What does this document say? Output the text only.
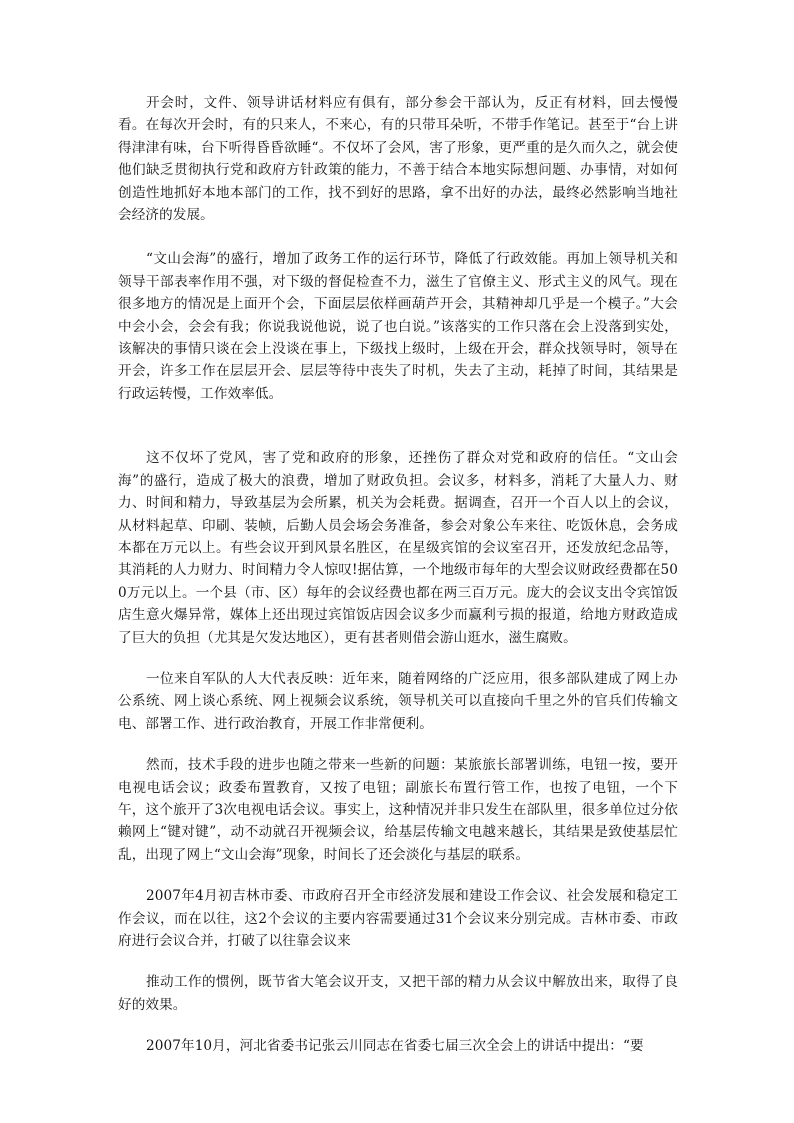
开会时，文件、领导讲话材料应有俱有，部分参会干部认为，反正有材料，回去慢慢看。在每次开会时，有的只来人，不来心，有的只带耳朵听，不带手作笔记。甚至于“台上讲得津津有味，台下听得昏昏欲睡“。不仅坏了会风，害了形象，更严重的是久而久之，就会使他们缺乏贯彻执行党和政府方针政策的能力，不善于结合本地实际想问题、办事情，对如何创造性地抓好本地本部门的工作，找不到好的思路，拿不出好的办法，最终必然影响当地社会经济的发展。

“文山会海”的盛行，增加了政务工作的运行环节，降低了行政效能。再加上领导机关和领导干部表率作用不强，对下级的督促检查不力，滋生了官僚主义、形式主义的风气。现在很多地方的情况是上面开个会，下面层层依样画葫芦开会，其精神却几乎是一个模子。”大会中会小会，会会有我；你说我说他说，说了也白说。”该落实的工作只落在会上没落到实处，该解决的事情只谈在会上没谈在事上，下级找上级时，上级在开会，群众找领导时，领导在开会，许多工作在层层开会、层层等待中丧失了时机，失去了主动，耗掉了时间，其结果是行政运转慢，工作效率低。

这不仅坏了党风，害了党和政府的形象，还挫伤了群众对党和政府的信任。“文山会海”的盛行，造成了极大的浪费，增加了财政负担。会议多，材料多，消耗了大量人力、财力、时间和精力，导致基层为会所累，机关为会耗费。据调查，召开一个百人以上的会议，从材料起草、印刷、装帧，后勤人员会场会务准备，参会对象公车来往、吃饭休息，会务成本都在万元以上。有些会议开到风景名胜区，在星级宾馆的会议室召开，还发放纪念品等，其消耗的人力财力、时间精力令人惊叹!据估算，一个地级市每年的大型会议财政经费都在500万元以上。一个县（市、区）每年的会议经费也都在两三百万元。庞大的会议支出令宾馆饭店生意火爆异常，媒体上还出现过宾馆饭店因会议多少而赢利亏损的报道，给地方财政造成了巨大的负担（尤其是欠发达地区），更有甚者则借会游山逛水，滋生腐败。

一位来自军队的人大代表反映：近年来，随着网络的广泛应用，很多部队建成了网上办公系统、网上谈心系统、网上视频会议系统，领导机关可以直接向千里之外的官兵们传输文电、部署工作、进行政治教育，开展工作非常便利。

然而，技术手段的进步也随之带来一些新的问题：某旅旅长部署训练，电钮一按，要开电视电话会议；政委布置教育，又按了电钮；副旅长布置行管工作，也按了电钮，一个下午，这个旅开了3次电视电话会议。事实上，这种情况并非只发生在部队里，很多单位过分依赖网上“键对键”，动不动就召开视频会议，给基层传输文电越来越长，其结果是致使基层忙乱，出现了网上“文山会海”现象，时间长了还会淡化与基层的联系。

2007年4月初吉林市委、市政府召开全市经济发展和建设工作会议、社会发展和稳定工作会议，而在以往，这2个会议的主要内容需要通过31个会议来分别完成。吉林市委、市政府进行会议合并，打破了以往靠会议来

推动工作的惯例，既节省大笔会议开支，又把干部的精力从会议中解放出来，取得了良好的效果。

2007年10月，河北省委书记张云川同志在省委七届三次全会上的讲话中提出：“要
